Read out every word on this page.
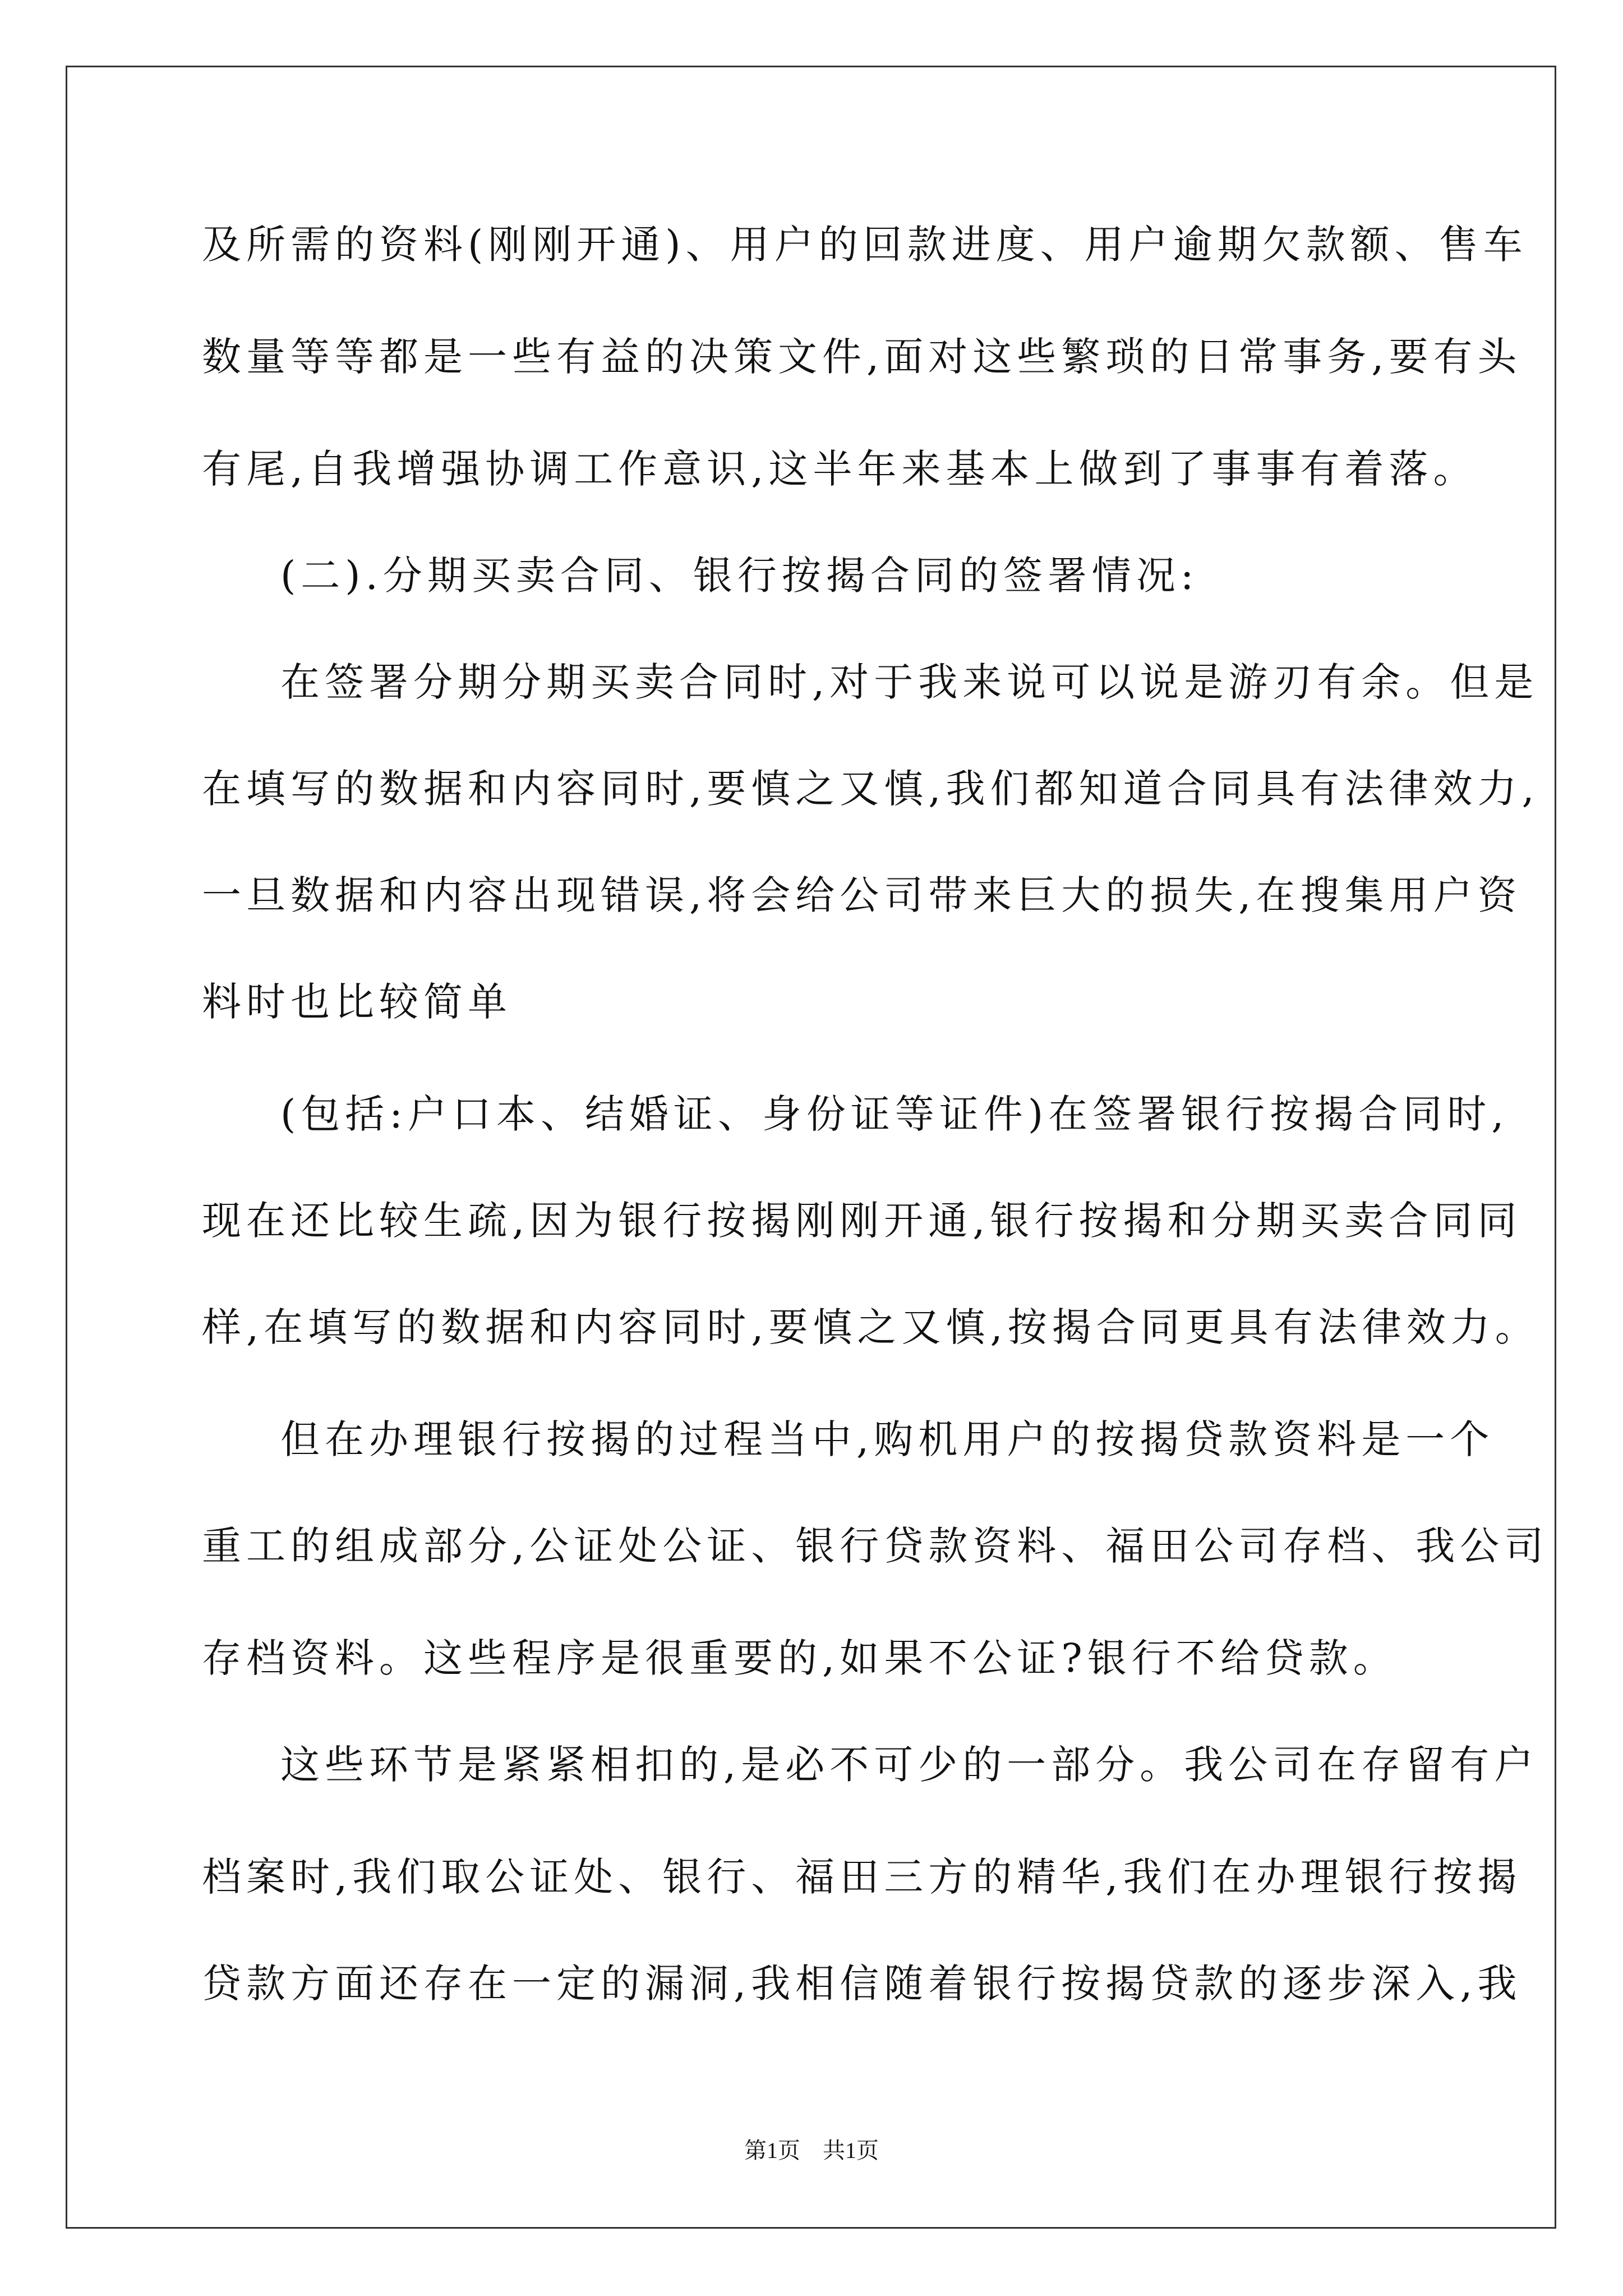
及所需的资料(刚刚开通)、用户的回款进度、用户逾期欠款额、售车
数量等等都是一些有益的决策文件,面对这些繁琐的日常事务,要有头
有尾,自我增强协调工作意识,这半年来基本上做到了事事有着落。
(二).分期买卖合同、银行按揭合同的签署情况:
在签署分期分期买卖合同时,对于我来说可以说是游刃有余。但是
在填写的数据和内容同时,要慎之又慎,我们都知道合同具有法律效力,
一旦数据和内容出现错误,将会给公司带来巨大的损失,在搜集用户资
料时也比较简单
(包括:户口本、结婚证、身份证等证件)在签署银行按揭合同时,
现在还比较生疏,因为银行按揭刚刚开通,银行按揭和分期买卖合同同
样,在填写的数据和内容同时,要慎之又慎,按揭合同更具有法律效力。
但在办理银行按揭的过程当中,购机用户的按揭贷款资料是一个
重工的组成部分,公证处公证、银行贷款资料、福田公司存档、我公司
存档资料。这些程序是很重要的,如果不公证?银行不给贷款。
这些环节是紧紧相扣的,是必不可少的一部分。我公司在存留有户
档案时,我们取公证处、银行、福田三方的精华,我们在办理银行按揭
贷款方面还存在一定的漏洞,我相信随着银行按揭贷款的逐步深入,我
第1页　共1页
